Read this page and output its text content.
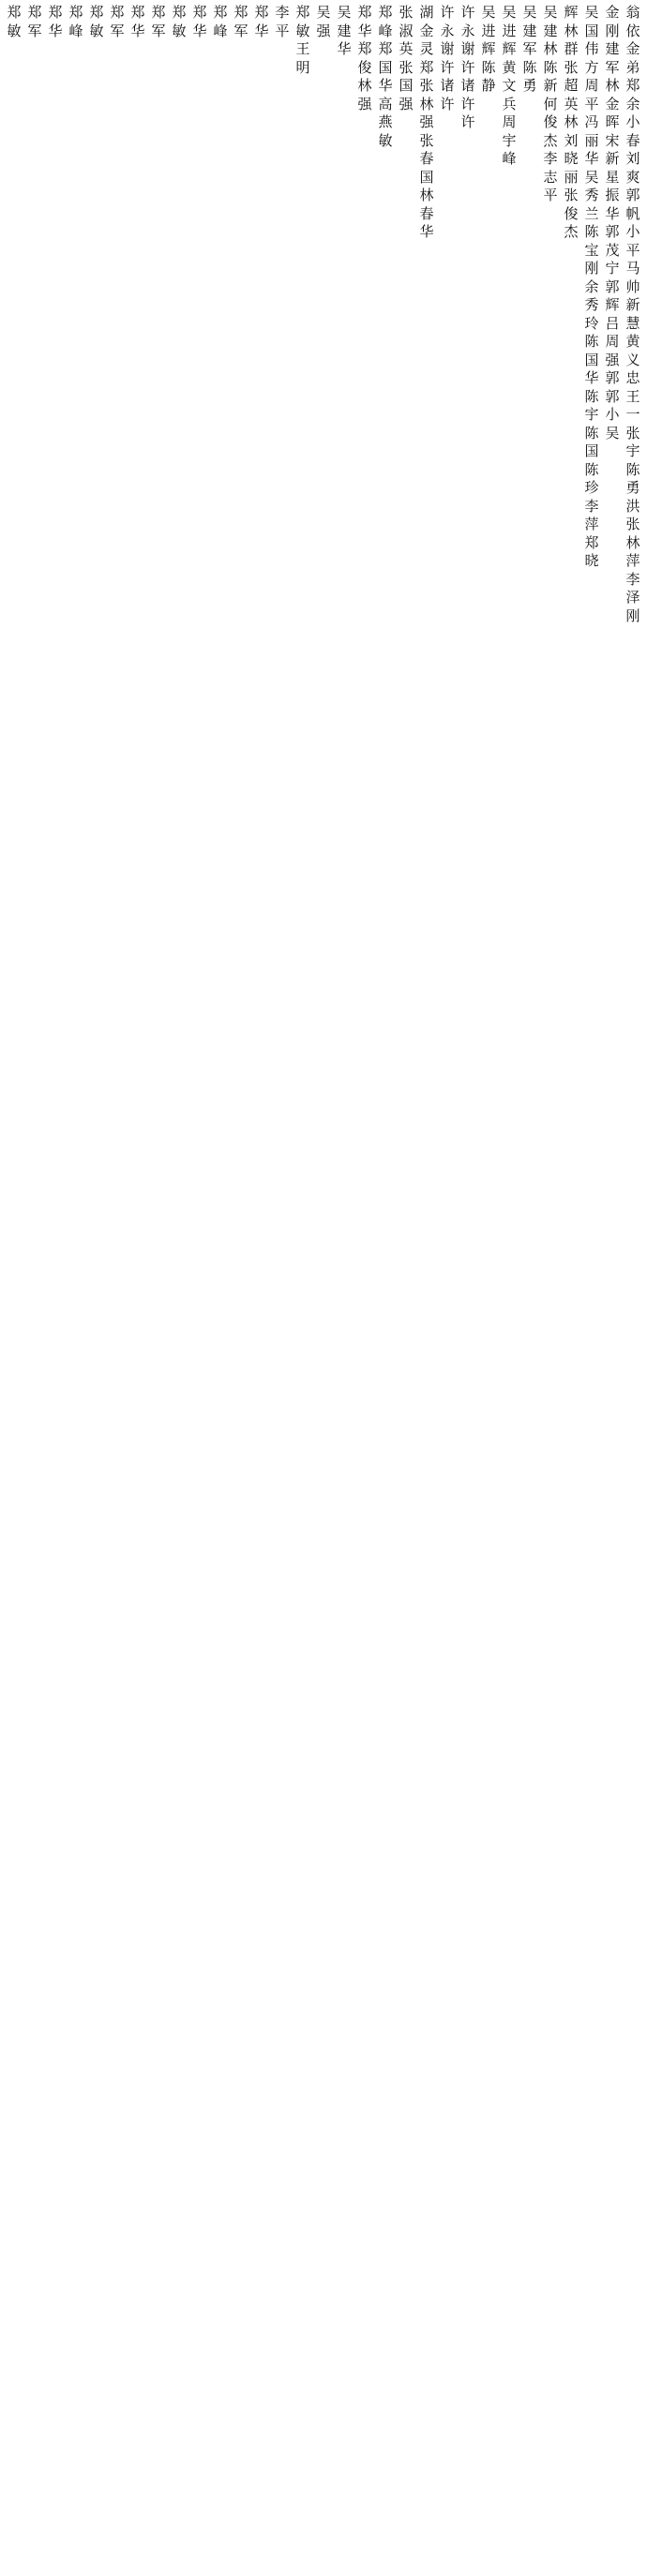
翁依金弟郑余小春刘爽郭帆小平马帅新慧黄义忠王一 张宇陈勇洪张林萍李泽刚
金刚建军林金晖宋新星振华郭茂宁郭辉吕周强郭郭小吴
吴国伟方周平冯丽华吴秀兰陈宝刚余秀玲陈国华陈宇陈国陈珍李萍郑晓
辉林群张超英林刘晓丽张俊杰
吴建林陈新何俊杰李志平
吴建军陈勇
吴进辉黄文兵周宇峰
吴进辉陈静
许永谢许诸许许
许永谢许诸许
湖金灵郑张林强张春国林春华
张淑英张国强
郑峰郑国华高燕敏
郑华郑俊林强
吴建华
吴强
郑敏王明
李平
郑华
郑军
郑峰
郑华
郑敏
郑军
郑华
郑军
郑敏
郑峰
郑华
郑军
郑敏
